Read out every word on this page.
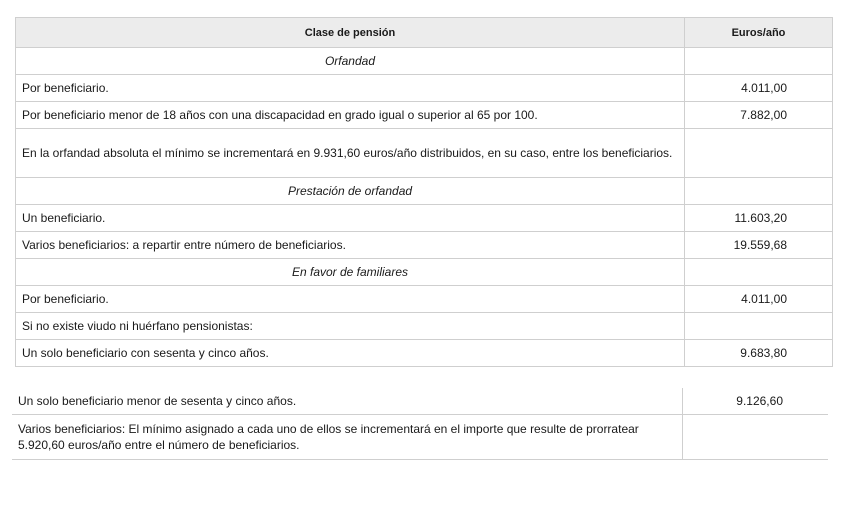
Clase de pensión	Euros/año
Orfandad	
Por beneficiario.	4.011,00
Por beneficiario menor de 18 años con una discapacidad en grado igual o superior al 65 por 100.	7.882,00
En la orfandad absoluta el mínimo se incrementará en 9.931,60 euros/año distribuidos, en su caso, entre los beneficiarios.	
Prestación de orfandad	
Un beneficiario.	11.603,20
Varios beneficiarios: a repartir entre número de beneficiarios.	19.559,68
En favor de familiares	
Por beneficiario.	4.011,00
Si no existe viudo ni huérfano pensionistas:	
Un solo beneficiario con sesenta y cinco años.	9.683,80
Un solo beneficiario menor de sesenta y cinco años.	9.126,60
Varios beneficiarios: El mínimo asignado a cada uno de ellos se incrementará en el importe que resulte de prorratear 5.920,60 euros/año entre el número de beneficiarios.	
